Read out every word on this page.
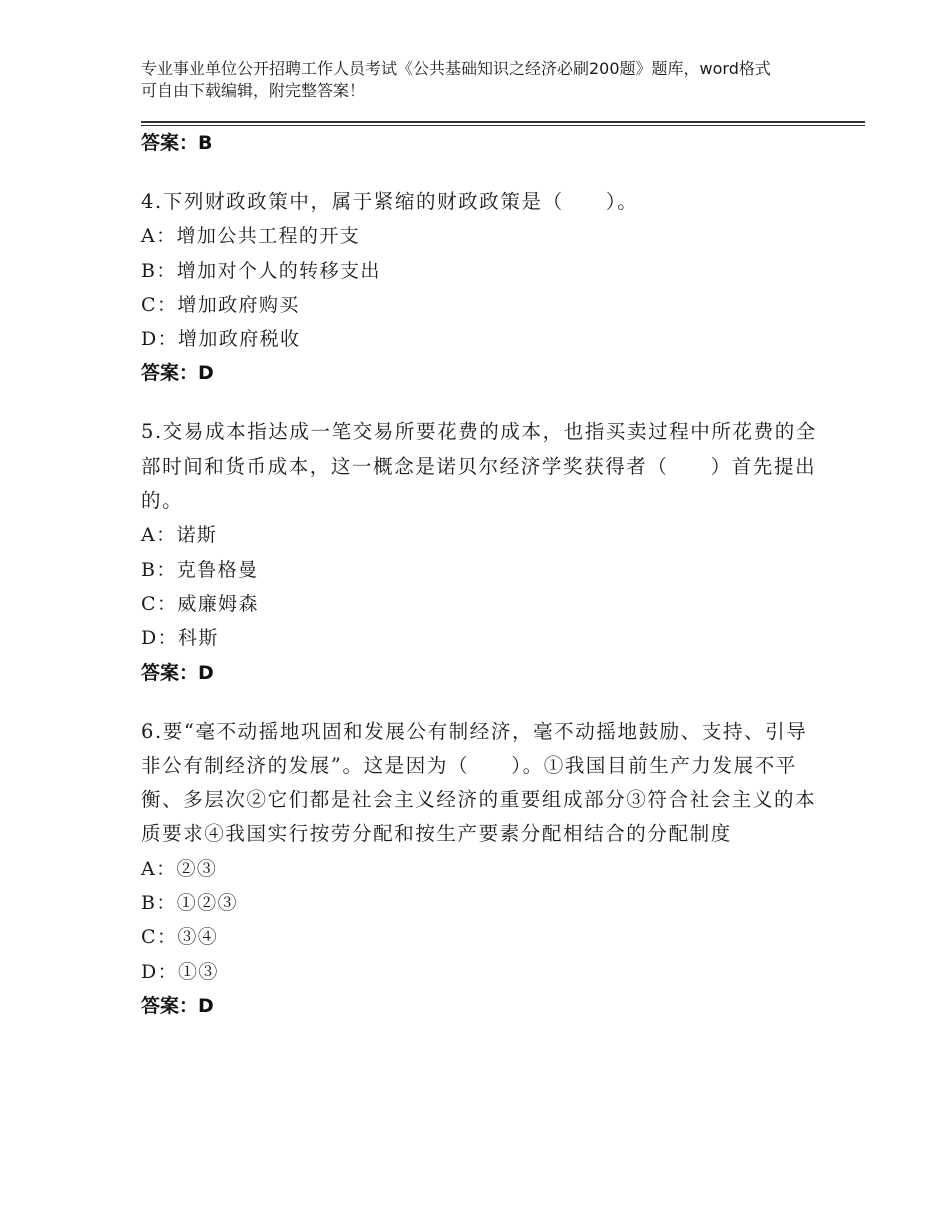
专业事业单位公开招聘工作人员考试《公共基础知识之经济必刷200题》题库，word格式可自由下载编辑，附完整答案！
答案：B
4.下列财政政策中，属于紧缩的财政政策是（　　）。
A：增加公共工程的开支
B：增加对个人的转移支出
C：增加政府购买
D：增加政府税收
答案：D
5.交易成本指达成一笔交易所要花费的成本，也指买卖过程中所花费的全部时间和货币成本，这一概念是诺贝尔经济学奖获得者（　　）首先提出的。
A：诺斯
B：克鲁格曼
C：威廉姆森
D：科斯
答案：D
6.要“毫不动摇地巩固和发展公有制经济，毫不动摇地鼓励、支持、引导非公有制经济的发展”。这是因为（　　）。①我国目前生产力发展不平衡、多层次②它们都是社会主义经济的重要组成部分③符合社会主义的本质要求④我国实行按劳分配和按生产要素分配相结合的分配制度
A：②③
B：①②③
C：③④
D：①③
答案：D
